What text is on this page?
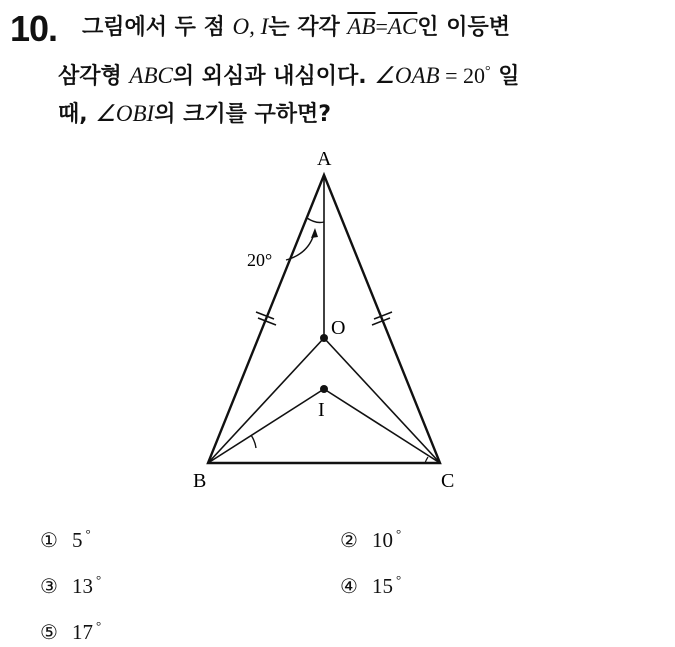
10. 그림에서 두 점 O, I는 각각 $\overline{AB}=\overline{AC}$인 이등변
삼각형 ABC의 외심과 내심이다. ∠OAB = 20° 일
때, ∠OBI의 크기를 구하면?
A
B	C
O
I
20°
① 5 °	② 10 °
③ 13 °	④ 15 °
⑤ 17 °
